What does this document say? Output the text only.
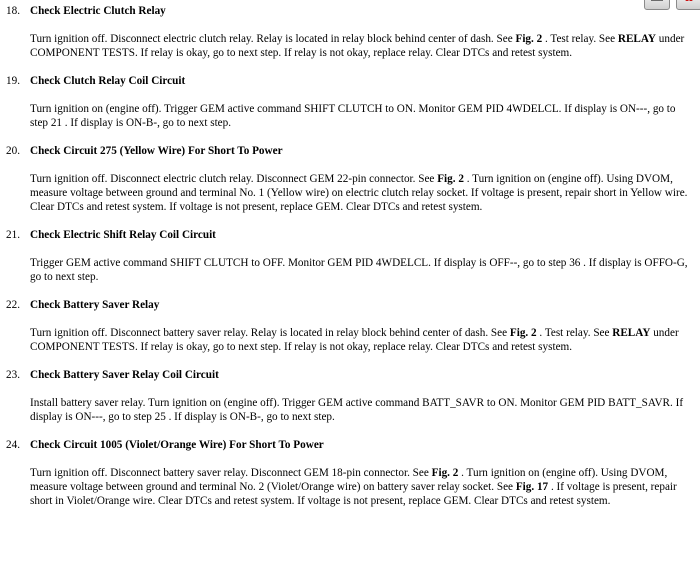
18. Check Electric Clutch Relay
Turn ignition off. Disconnect electric clutch relay. Relay is located in relay block behind center of dash. See Fig. 2 . Test relay. See RELAY under COMPONENT TESTS. If relay is okay, go to next step. If relay is not okay, replace relay. Clear DTCs and retest system.
19. Check Clutch Relay Coil Circuit
Turn ignition on (engine off). Trigger GEM active command SHIFT CLUTCH to ON. Monitor GEM PID 4WDELCL. If display is ON---, go to step 21 . If display is ON-B-, go to next step.
20. Check Circuit 275 (Yellow Wire) For Short To Power
Turn ignition off. Disconnect electric clutch relay. Disconnect GEM 22-pin connector. See Fig. 2 . Turn ignition on (engine off). Using DVOM, measure voltage between ground and terminal No. 1 (Yellow wire) on electric clutch relay socket. If voltage is present, repair short in Yellow wire. Clear DTCs and retest system. If voltage is not present, replace GEM. Clear DTCs and retest system.
21. Check Electric Shift Relay Coil Circuit
Trigger GEM active command SHIFT CLUTCH to OFF. Monitor GEM PID 4WDELCL. If display is OFF--, go to step 36 . If display is OFFO-G, go to next step.
22. Check Battery Saver Relay
Turn ignition off. Disconnect battery saver relay. Relay is located in relay block behind center of dash. See Fig. 2 . Test relay. See RELAY under COMPONENT TESTS. If relay is okay, go to next step. If relay is not okay, replace relay. Clear DTCs and retest system.
23. Check Battery Saver Relay Coil Circuit
Install battery saver relay. Turn ignition on (engine off). Trigger GEM active command BATT_SAVR to ON. Monitor GEM PID BATT_SAVR. If display is ON---, go to step 25 . If display is ON-B-, go to next step.
24. Check Circuit 1005 (Violet/Orange Wire) For Short To Power
Turn ignition off. Disconnect battery saver relay. Disconnect GEM 18-pin connector. See Fig. 2 . Turn ignition on (engine off). Using DVOM, measure voltage between ground and terminal No. 2 (Violet/Orange wire) on battery saver relay socket. See Fig. 17 . If voltage is present, repair short in Violet/Orange wire. Clear DTCs and retest system. If voltage is not present, replace GEM. Clear DTCs and retest system.
